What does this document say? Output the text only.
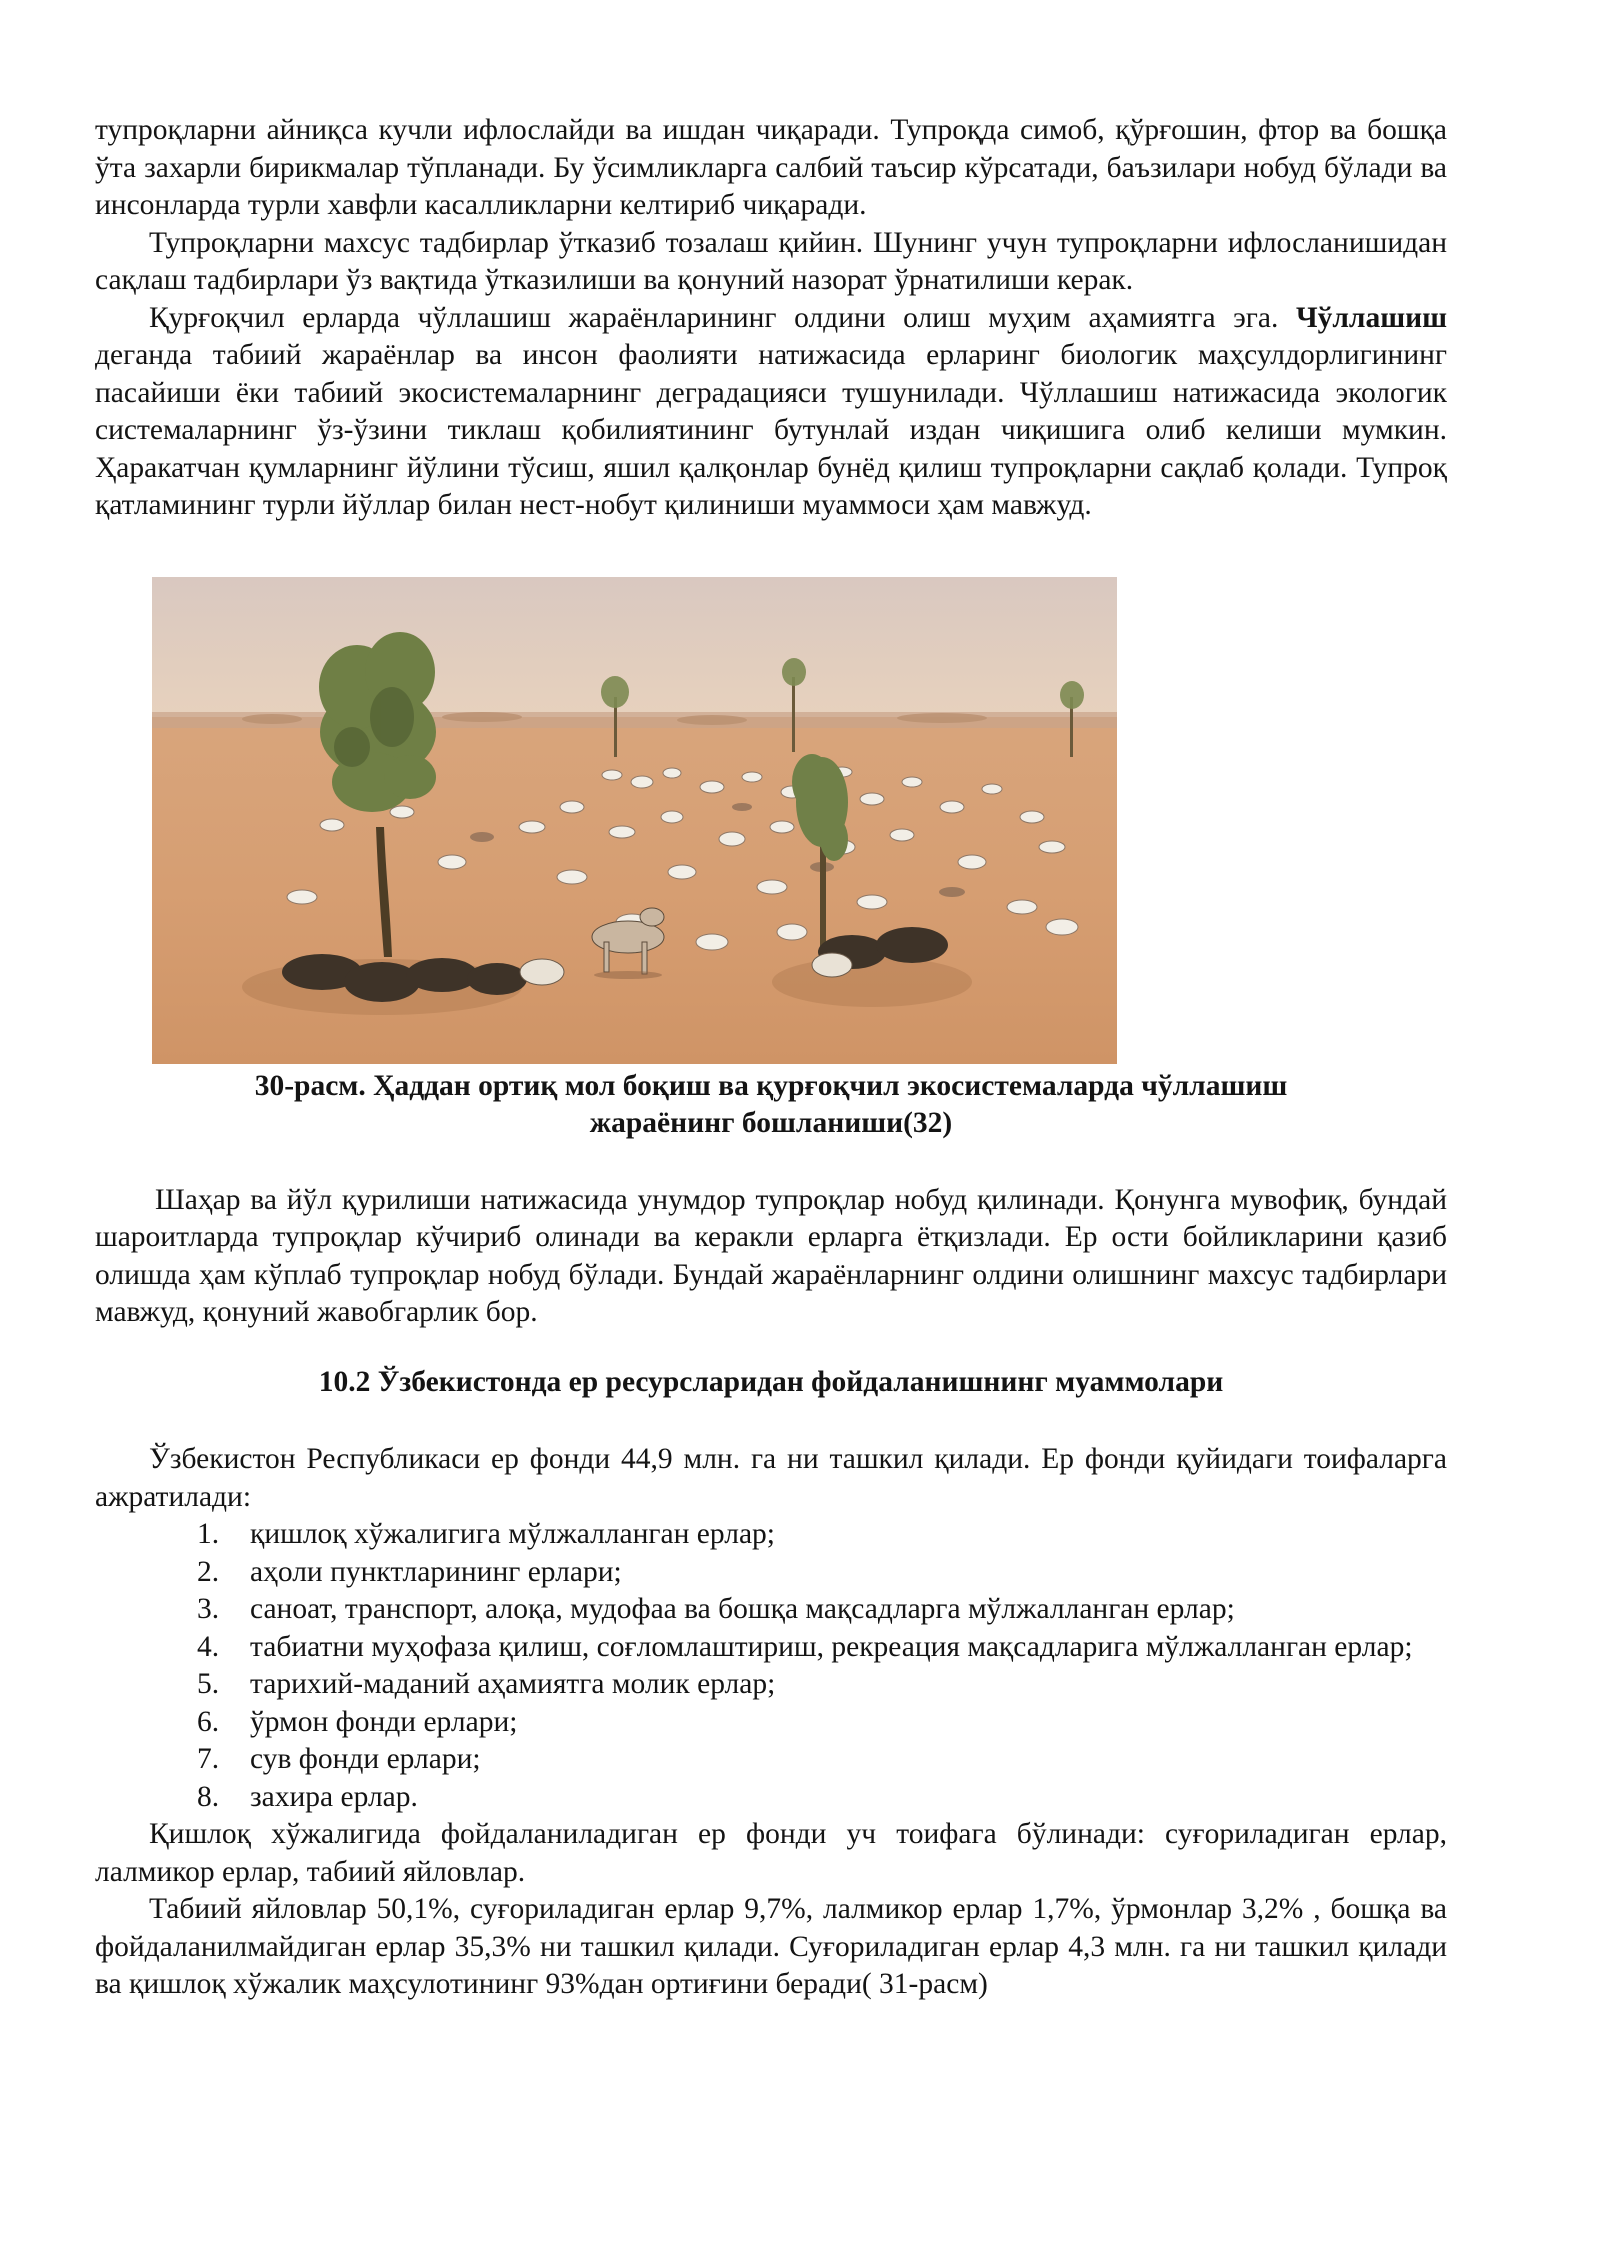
тупроқларни айниқса кучли ифлослайди ва ишдан чиқаради. Тупроқда симоб, қўрғошин, фтор ва бошқа ўта захарли бирикмалар тўпланади. Бу ўсимликларга салбий таъсир кўрсатади, баъзилари нобуд бўлади ва инсонларда турли хавфли касалликларни келтириб чиқаради.

Тупроқларни махсус тадбирлар ўтказиб тозалаш қийин. Шунинг учун тупроқларни ифлосланишидан сақлаш тадбирлари ўз вақтида ўтказилиши ва қонуний назорат ўрнатилиши керак.

Қурғоқчил ерларда чўллашиш жараёнларининг олдини олиш муҳим аҳамиятга эга. Чўллашиш деганда табиий жараёнлар ва инсон фаолияти натижасида ерларинг биологик маҳсулдорлигининг пасайиши ёки табиий экосистемаларнинг деградацияси тушунилади. Чўллашиш натижасида экологик системаларнинг ўз-ўзини тиклаш қобилиятининг бутунлай издан чиқишига олиб келиши мумкин. Ҳаракатчан қумларнинг йўлини тўсиш, яшил қалқонлар бунёд қилиш тупроқларни сақлаб қолади. Тупроқ қатламининг турли йўллар билан нест-нобут қилиниши муаммоси ҳам мавжуд.

30-расм. Ҳаддан ортиқ мол боқиш ва қурғоқчил экосистемаларда чўллашиш
жараёнинг бошланиши(32)

Шаҳар ва йўл қурилиши натижасида унумдор тупроқлар нобуд қилинади. Қонунга мувофиқ, бундай шароитларда тупроқлар кўчириб олинади ва керакли ерларга ётқизлади. Ер ости бойликларини қазиб олишда ҳам кўплаб тупроқлар нобуд бўлади. Бундай жараёнларнинг олдини олишнинг махсус тадбирлари мавжуд, қонуний жавобгарлик бор.

10.2 Ўзбекистонда ер ресурсларидан фойдаланишнинг муаммолари

Ўзбекистон Республикаси ер фонди 44,9 млн. га ни ташкил қилади. Ер фонди қуйидаги тоифаларга ажратилади:

1. қишлоқ хўжалигига мўлжалланган ерлар;
2. аҳоли пунктларининг ерлари;
3. саноат, транспорт, алоқа, мудофаа ва бошқа мақсадларга мўлжалланган ерлар;
4. табиатни муҳофаза қилиш, соғломлаштириш, рекреация мақсадларига мўлжалланган ерлар;
5. тарихий-маданий аҳамиятга молик ерлар;
6. ўрмон фонди ерлари;
7. сув фонди ерлари;
8. захира ерлар.

Қишлоқ хўжалигида фойдаланиладиган ер фонди уч тоифага бўлинади: суғориладиган ерлар, лалмикор ерлар, табиий яйловлар.

Табиий яйловлар 50,1%, суғориладиган ерлар 9,7%, лалмикор ерлар 1,7%, ўрмонлар 3,2% , бошқа ва фойдаланилмайдиган ерлар 35,3% ни ташкил қилади. Суғориладиган ерлар 4,3 млн. га ни ташкил қилади ва қишлоқ хўжалик маҳсулотининг 93%дан ортиғини беради( 31-расм)
